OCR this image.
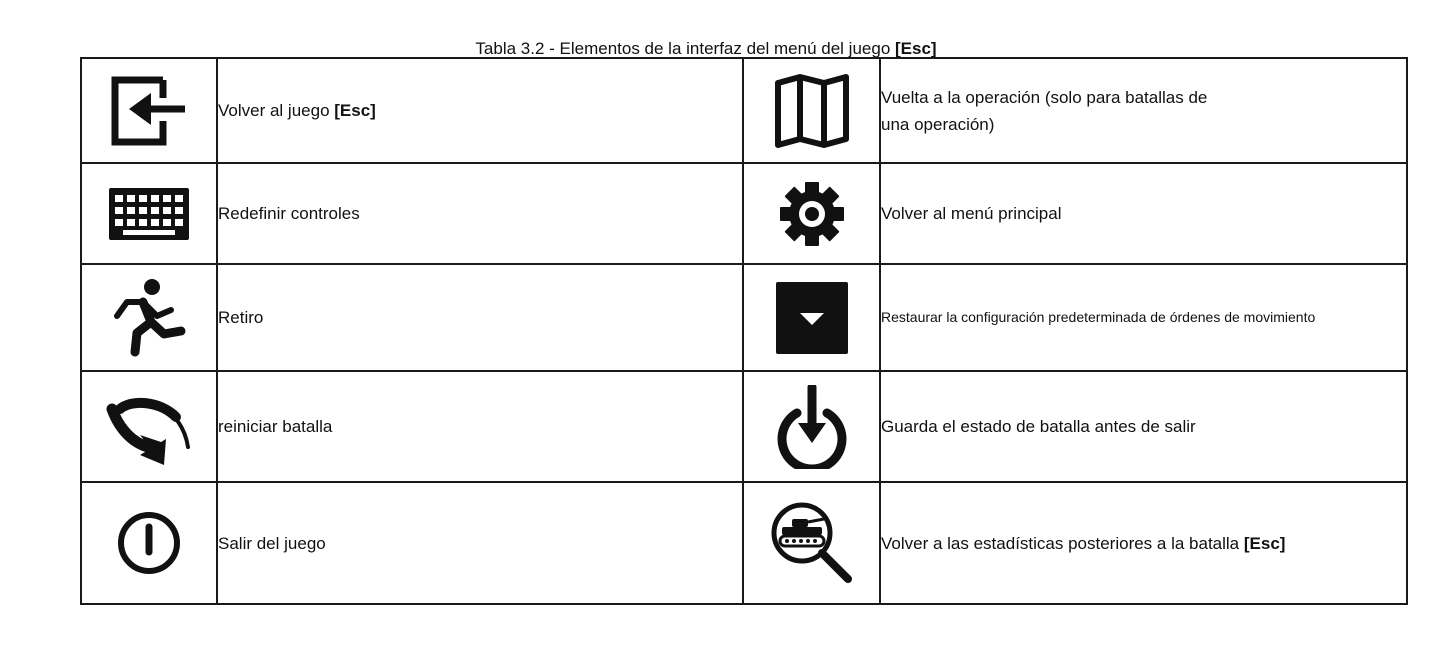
Tabla 3.2 - Elementos de la interfaz del menú del juego [Esc]
	Volver al juego [Esc]		Vuelta a la operación (solo para batallas de
una operación)

	Redefinir controles		Volver al menú principal
	Retiro		Restaurar la configuración predeterminada de órdenes de movimiento
	reiniciar batalla		Guarda el estado de batalla antes de salir
	Salir del juego		Volver a las estadísticas posteriores a la batalla [Esc]
